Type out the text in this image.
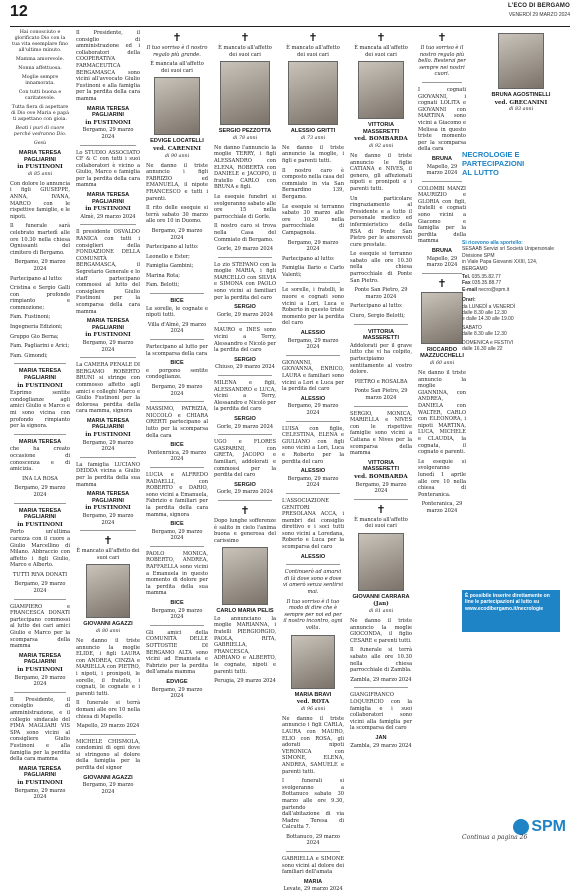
12	L'ECO DI BERGAMO
VENERDÌ 29 MARZO 2024

Hai conosciuto e glorificato Dio con la tua vita esemplare fino all'ultimo minuto.

Mamma amorevole.

Nonna affettuosa.

Moglie sempre innamorata.

Con tutti buona e caritatevole.

Tutta fiera di aspettare di Dio ove Maria e papà ti aspettano con gioia.

Beati i puri di cuore perché vedranno Dio.

Gesù

MARIA TERESA PAGLIARINI
in FUSTINONI
di 85 anni

Con dolore lo annuncia i figli GIUSEPPE, ANNA, IVANA, MARCO con le rispettive famiglie, e le nipoti.

Il funerale sarà celebrato martedì alle ore 10.30 nella chiesa Ognissanti del cimitero di Bergamo.

Bergamo, 29 marzo 2024

Partecipano al lutto:

Cristina e Sergio Galli con profondo rimpianto e commozione;

Fam. Fustinoni;

Ingegneria Edizioni;

Gruppo Gio Berna;

Fam. Pagliarini e Arici;

Fam. Gimondi;

MARIA TERESA PAGLIARINI
in FUSTINONI

Esprimo sentite condoglianze agli amici Giulio e Marco e mi sono vicina con profondo rimpianto per la signora.

MARIA TERESA

che ha creato occasione di conoscenza e di amicizia.

INA LA ROSA

Bergamo, 29 marzo 2024

MARIA TERESA PAGLIARINI
in FUSTINONI

Porto un'ultima carezza con il cuore a Giulio Marcellino di Milano. Abbraccio con affetto i figli Giulio, Marco e Alberto.

TUTTI RIVA DONATI

Bergamo, 29 marzo 2024

GIAMPIERO e FRANCESCA DONATI partecipano commossi al lutto dei cari amici Giulio e Marco per la scomparsa della mamma

MARIA TERESA PAGLIARINI
in FUSTINONI

Bergamo, 29 marzo 2024

Il Presidente, il consiglio di amministrazione, e il collegio sindacale del FIMA MAGLIARI VIS SPA sono vicini al consigliere Giulio Fustinoni e alla famiglia per la perdita della cara mamma

MARIA TERESA PAGLIARINI
in FUSTINONI

Bergamo, 29 marzo 2024

Il Presidente, il consiglio di amministrazione ed i collaboratori della COOPERATIVA FARMACEUTICA BERGAMASCA sono vicini all'avvocato Giulio Fustinoni e alla famiglia per la perdita della cara mamma

MARIA TERESA PAGLIARINI
in FUSTINONI

Bergamo, 29 marzo 2024

Lo STUDIO ASSOCIATO CF & C con tutti i suoi collaboratori è vicino a Giulio, Marco e famiglia per la perdita della cara mamma

MARIA TERESA PAGLIARINI
in FUSTINONI

Almè, 29 marzo 2024

Il presidente OSVALDO RANICA con tutti i consiglieri della FONDAZIONE DELLA COMUNITÀ BERGAMASCA, il Segretario Generale e lo staff partecipano commossi al lutto del consigliere Giulio Fustinoni per la scomparsa della cara mamma

MARIA TERESA PAGLIARINI
in FUSTINONI

Bergamo, 29 marzo 2024

La CAMERA PENALE DI BERGAMO ROBERTO BRUNI si stringe con commosso affetto agli amici e colleghi Marco e Giulio Fustinoni per la dolorosa perdita della cara mamma, signora

MARIA TERESA PAGLIARINI
in FUSTINONI

Bergamo, 29 marzo 2024

La famiglia LUCIANO DEIDDA vicina a Giulio per la perdita della sua mamma

MARIA TERESA PAGLIARINI
in FUSTINONI

Bergamo, 29 marzo 2024

✝

È mancato all'affetto dei suoi cari

GIOVANNI AGAZZI
di 80 anni

Ne danno il triste annuncio la moglie ELIDE, i figli LAURA con ANDREA, CINZIA e MARIELLA con PIETRO, i nipoti, i pronipoti, le sorelle, il fratello, i cognati, le cognate e i parenti tutti.

Il funerale si terrà domani alle ore 10 nella chiesa di Mapello.

Mapello, 29 marzo 2024

MICHELE CHISMOLA, condomini di ogni dove si stringono al dolore della famiglia per la perdita del signor

GIOVANNI AGAZZI

Bergamo, 29 marzo 2024

✝

Il tuo sorriso è il nostro regalo più grande.

È mancata all'affetto dei suoi cari

EDVIGE LOCATELLI
ved. CARENINI
di 90 anni

Ne danno il triste annuncio i figli FABRIZIO ed EMANUELA, il nipote FRANCESCO e tutti i parenti.

Il rito delle esequie si terrà sabato 30 marzo alle ore 10 in Duomo.

Bergamo, 29 marzo 2024

Partecipano al lutto:

Leonello e Ester;

Famiglia Gambini;

Marina Rota;

Fam. Belotti;

BICE

Le sorelle, le cognate e nipoti tutti.

Villa d'Almè, 29 marzo 2024

Partecipano al lutto per la scomparsa della cara

BICE

e porgono sentite condoglianze.

Bergamo, 29 marzo 2024

MASSIMO, PATRIZIA, NICCOLÒ e CHIARA ORERTI partecipano al lutto per la scomparsa della cara

BICE

Pontenrnica, 29 marzo 2024

LUCIA e ALFREDO RADAELLI, con ROBERTO e DARIO, sono vicini a Emanuela, Fabrizio e familiari per la perdita della cara mamma, signora

BICE

Bergamo, 29 marzo 2024

PAOLO MONICA, ROBERTO, ANDREA, RAFFAELLA sono vicini a Emanuela in questo momento di dolore per la perdita della sua mamma

BICE

Bergamo, 29 marzo 2024

Gli amici della COMUNITÀ DELLE SOTTOSTIE DI BERGAMO ALTA sono vicini ad Emanuela e Fabrizio per la perdita dell'amata mamma

EDVIGE

Bergamo, 29 marzo 2024

✝

È mancato all'affetto dei suoi cari

SERGIO PEZZOTTA
di 78 anni

Ne danno l'annuncio la moglie TERRY, i figli ALESSANDRO con ELENA, ROBERTA con DANIELE e JACOPO, il fratello CARLO con BRUNA e figli.

Le esequie funebri si svolgeranno sabato alle ore 15 nella parrocchiale di Gorle.

Il nostro caro si trova nella Casa del Commiato di Bergamo.

Gorle, 29 marzo 2024

Lo zio STEFANO con la moglie MARIA, i figli MARCELLO con SILVIA e SIMONA con PAOLO sono vicini ai familiari per la perdita del caro

SERGIO

Gorle, 29 marzo 2024

MAURO e INES sono vicini a Terry, Alessandro e Nicolò per la perdita del caro

SERGIO

Chiuso, 29 marzo 2024

MILENA e figli, ALESSANDRO e LUCA, vicini a Terry, Alessandro e Nicolò per la perdita del caro

SERGIO

Gorle, 29 marzo 2024

UGO e FLORES GASPARINI, con GRETA, JACOPO e familiari, addolorati e commossi per la perdita del caro

SERGIO

Gorle, 29 marzo 2024

✝

Dopo lunghe sofferenze è salito in cielo l'anima buona e generosa del carissimo

CARLO MARIA PELIS

Lo annunciano la moglie MARIANNA, i fratelli PIERGIORGIO, PAOLA, RITA, GABRIELLA, FRANCESCA, ADRIANO e ALBERTO, le cognate, nipoti e parenti tutti.

Perugia, 29 marzo 2024

✝

È mancato all'affetto dei suoi cari

ALESSIO GRITTI
di 73 anni

Ne danno il triste annuncio la moglie, i figli e parenti tutti.

Il nostro caro è composto nella casa del commiato in via San Bernardino 139, Bergamo.

Le esequie si terranno sabato 30 marzo alle ore 10.30 nella parrocchiale di Campagnola.

Bergamo, 29 marzo 2024

Partecipano al lutto:

Famiglia Ilario e Carlo Valenti;

Le sorelle, i fratelli, le nuore e cognati sono vicini a Lori, Luca e Roberto in questo triste momento per la perdita del caro

ALESSIO

Bergamo, 29 marzo 2024

GIOVANNI, GIOVANNA, ENRICO, LAURA e familiari sono vicini a Lori e Luca per la perdita del caro

ALESSIO

Bergamo, 29 marzo 2024

LUISA con figlie, CELESTINA, ELENA e GIULIANO con figli sono vicini a Lori, Luca e Roberto per la perdita del caro

ALESSIO

Bergamo, 29 marzo 2024

L'ASSOCIAZIONE GENITORI PRESOLANA ACCA, i membri del consiglio direttivo e i soci tutti sono vicini a Loredana, Roberto e Luca per la scomparsa del caro

ALESSIO

Continuerò ad amarvi di là dove sono e dove vi amerò senza sentirvi mai.

Il tuo sorriso è il tuo modo di dire che è sempre per noi ed per il nostro incontro, ogni volta.

MARIA BRAVI
ved. ROTA
di 96 anni

Ne danno il triste annuncio i figli CARLA, LAURA con MAURO, ELIO con ROSA, gli adorati nipoti VERONICA con SIMONE, ELENA, ANDREA, SAMUELE e parenti tutti.

I funerali si svolgeranno a Bottanuco sabato 30 marzo alle ore 9.30, partendo dall'abitazione di via Madre Teresa di Calcutta 7.

Bottanuco, 29 marzo 2024

GABRIELLA e SIMONE sono vicini al dolore dei familiari dell'amata

MARIA

Levate, 29 marzo 2024

✝

È mancata all'affetto dei suoi cari

VITTORIA MASSERETTI
ved. BOMBARDA
di 92 anni

Ne danno il triste annuncio le figlie CATIANA e NIVES, il genero, gli affezionati nipoti e pronipoti e i parenti tutti.

Un particolare ringraziamento al Presidente e a tutto il personale medico ed infermieristico della RSA di Ponte San Pietro per le amorevoli cure prestate.

Le esequie si terranno sabato alle ore 10.30 nella chiesa parrocchiale di Ponte San Pietro.

Ponte San Pietro, 29 marzo 2024

Partecipano al lutto:

Ciuro, Sergio Belotti;

VITTORIA MASSERETTI

Addolorati per il grave lutto che vi ha colpito, partecipiamo sentitamente al vostro dolore.

PIETRO e ROSALBA

Ponte San Pietro, 29 marzo 2024

SERGIO, MONICA, MARIELLA e NIVES con le rispettive famiglie sono vicini a Catiana e Nives per la scomparsa della mamma

VITTORIA MASSERETTI
ved. BOMBARDA

Bergamo, 29 marzo 2024

✝

È mancato all'affetto dei suoi cari

GIOVANNI CARRARA
(Jan)
di 81 anni

Ne danno il triste annuncio la moglie GIOCONDA, il figlio CESARE e parenti tutti.

Il funerale si terrà sabato alle ore 10.30 nella chiesa parrocchiale di Zambla.

Zambla, 29 marzo 2024

GIANGIFRANCO LOQUERCIO con la famiglia e i suoi collaboratori sono vicini alla famiglia per la scomparsa del caro

JAN

Zambla, 29 marzo 2024

✝

Il tuo sorriso è il nostro regalo più bello. Resterai per sempre nei nostri cuori.

I cognati GIOVANNI, i cognati LOLITA e GIOVANNI con MARTINA sono vicini a Giacomo e Melissa in questo triste momento per la scomparsa della cara

BRUNA

Mapello, 29 marzo 2024

COLOMBI MANZI MAURIZIO e GLORIA con figli, fratelli e cognati sono vicini a Giacomo e famiglia per la perdita della mamma

BRUNA

Mapello, 29 marzo 2024

✝
RICCARDO MAZZUCCHELLI
di 60 anni

Ne danno il triste annuncio la moglie GIANNINA, con ANDREA, DANIELA con WALTER, CARLO con ELEONORA, i nipoti MARTINA, LUCA, MICHELE e CLAUDIA, la cognata, il cognato e parenti.

Le esequie si svolgeranno lunedì 1 aprile alle ore 10 nella chiesa di Ponteranica.

Ponteranica, 29 marzo 2024

BRUNA AGOSTINELLI
ved. GRECANINI
di 83 anni
NECROLOGIE E
PARTECIPAZIONI
AL LUTTO
Si ricevono alla sportello:
SESAAB Servizi srl Società Unipersonale Divisione SPM
in Viale Papa Giovanni XXIII, 124, BERGAMO
Tel. 035.35.82.77
Fax 035.35.88.77
E-mail necro@spm.it
Orari:
da LUNEDÌ a VENERDÌ
dalle 8.30 alle 12.30
e dalle 14.30 alle 19.00
SABATO
dalle 8.30 alle 12.30
DOMENICA e FESTIVI
dalle 16.30 alle 22
È possibile inserire direttamente on line le partecipazioni al lutto su www.ecodibergamo.it/necrologie
SPM
Continua a pagina 26
